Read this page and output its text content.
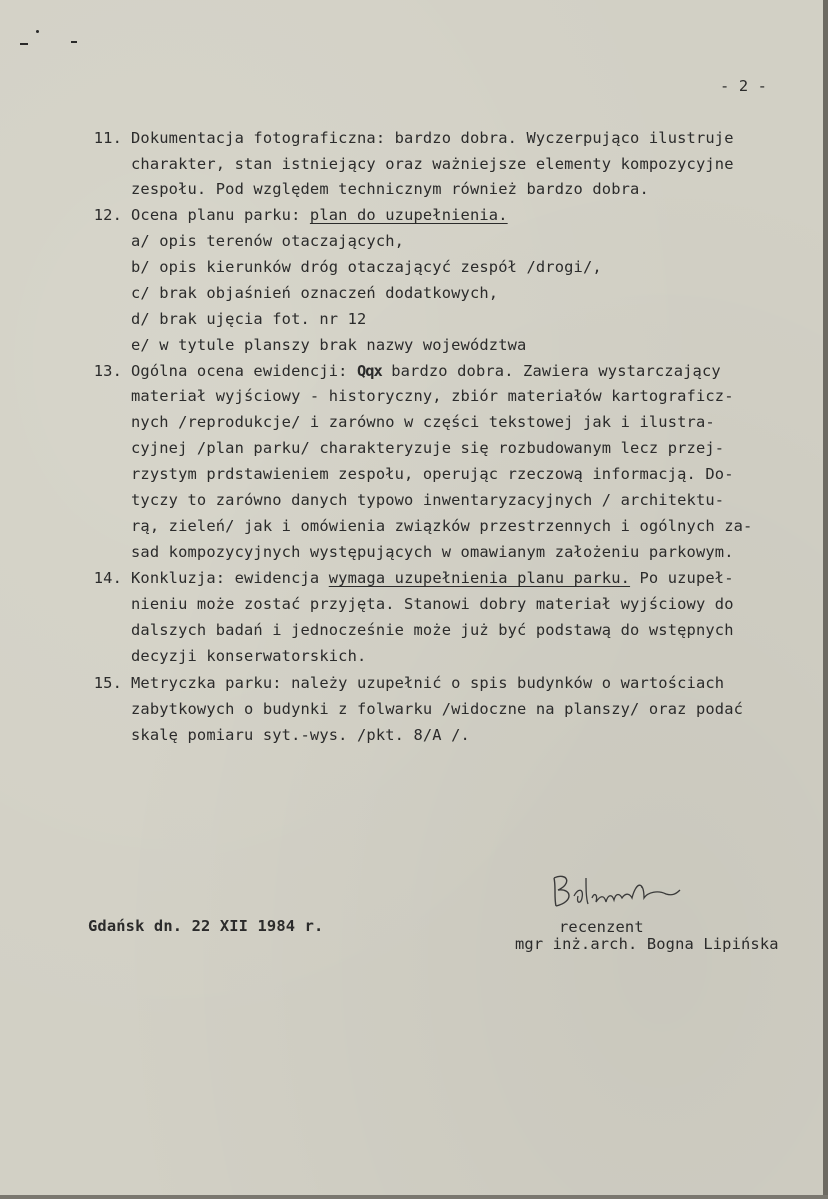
- 2 -
11. Dokumentacja fotograficzna: bardzo dobra. Wyczerpująco ilustruje
charakter, stan istniejący oraz ważniejsze elementy kompozycyjne
zespołu. Pod względem technicznym również bardzo dobra.
12. Ocena planu parku: plan do uzupełnienia.
a/ opis terenów otaczających,
b/ opis kierunków dróg otaczającyć zespół /drogi/,
c/ brak objaśnień oznaczeń dodatkowych,
d/ brak ujęcia fot. nr 12
e/ w tytule planszy brak nazwy województwa
13. Ogólna ocena ewidencji: Qqx bardzo dobra. Zawiera wystarczający
materiał wyjściowy - historyczny, zbiór materiałów kartograficz-
nych /reprodukcje/ i zarówno w części tekstowej jak i ilustra-
cyjnej /plan parku/ charakteryzuje się rozbudowanym lecz przej-
rzystym prdstawieniem zespołu, operując rzeczową informacją. Do-
tyczy to zarówno danych typowo inwentaryzacyjnych / architektu-
rą, zieleń/ jak i omówienia związków przestrzennych i ogólnych za-
sad kompozycyjnych występujących w omawianym założeniu parkowym.
14. Konkluzja: ewidencja wymaga uzupełnienia planu parku. Po uzupeł-
nieniu może zostać przyjęta. Stanowi dobry materiał wyjściowy do
dalszych badań i jednocześnie może już być podstawą do wstępnych
decyzji konserwatorskich.
15. Metryczka parku: należy uzupełnić o spis budynków o wartościach
zabytkowych o budynki z folwarku /widoczne na planszy/ oraz podać
skalę pomiaru syt.-wys. /pkt. 8/A /.
Gdańsk dn. 22 XII 1984 r.	recenzent
mgr inż.arch. Bogna Lipińska
